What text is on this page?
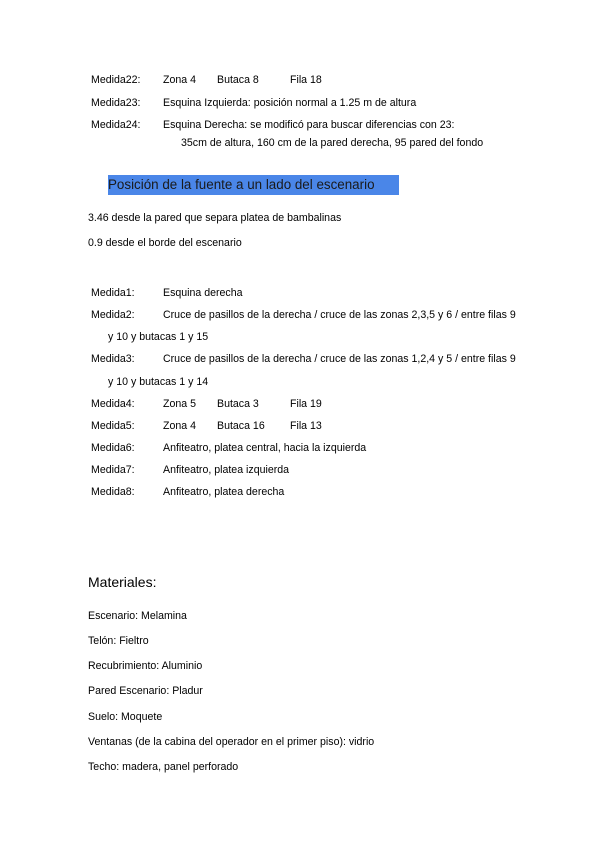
Medida22: Zona 4 Butaca 8	Fila 18
Medida23: Esquina Izquierda: posición normal a 1.25 m de altura
Medida24: Esquina Derecha: se modificó para buscar diferencias con 23:
35cm de altura, 160 cm de la pared derecha, 95 pared del fondo
Posición de la fuente a un lado del escenario
3.46 desde la pared que separa platea de bambalinas
0.9 desde el borde del escenario
Medida1:	Esquina derecha
Medida2:	Cruce de pasillos de la derecha / cruce de las zonas 2,3,5 y 6 / entre filas 9
y 10 y butacas 1 y 15
Medida3:	Cruce de pasillos de la derecha / cruce de las zonas 1,2,4 y 5 / entre filas 9
y 10 y butacas 1 y 14
Medida4:	Zona 5 Butaca 3	Fila 19
Medida5:	Zona 4 Butaca 16 Fila 13
Medida6:	Anfiteatro, platea central, hacia la izquierda
Medida7:	Anfiteatro, platea izquierda
Medida8:	Anfiteatro, platea derecha
Materiales:
Escenario: Melamina
Telón: Fieltro
Recubrimiento: Aluminio
Pared Escenario: Pladur
Suelo: Moquete
Ventanas (de la cabina del operador en el primer piso): vidrio
Techo: madera, panel perforado
